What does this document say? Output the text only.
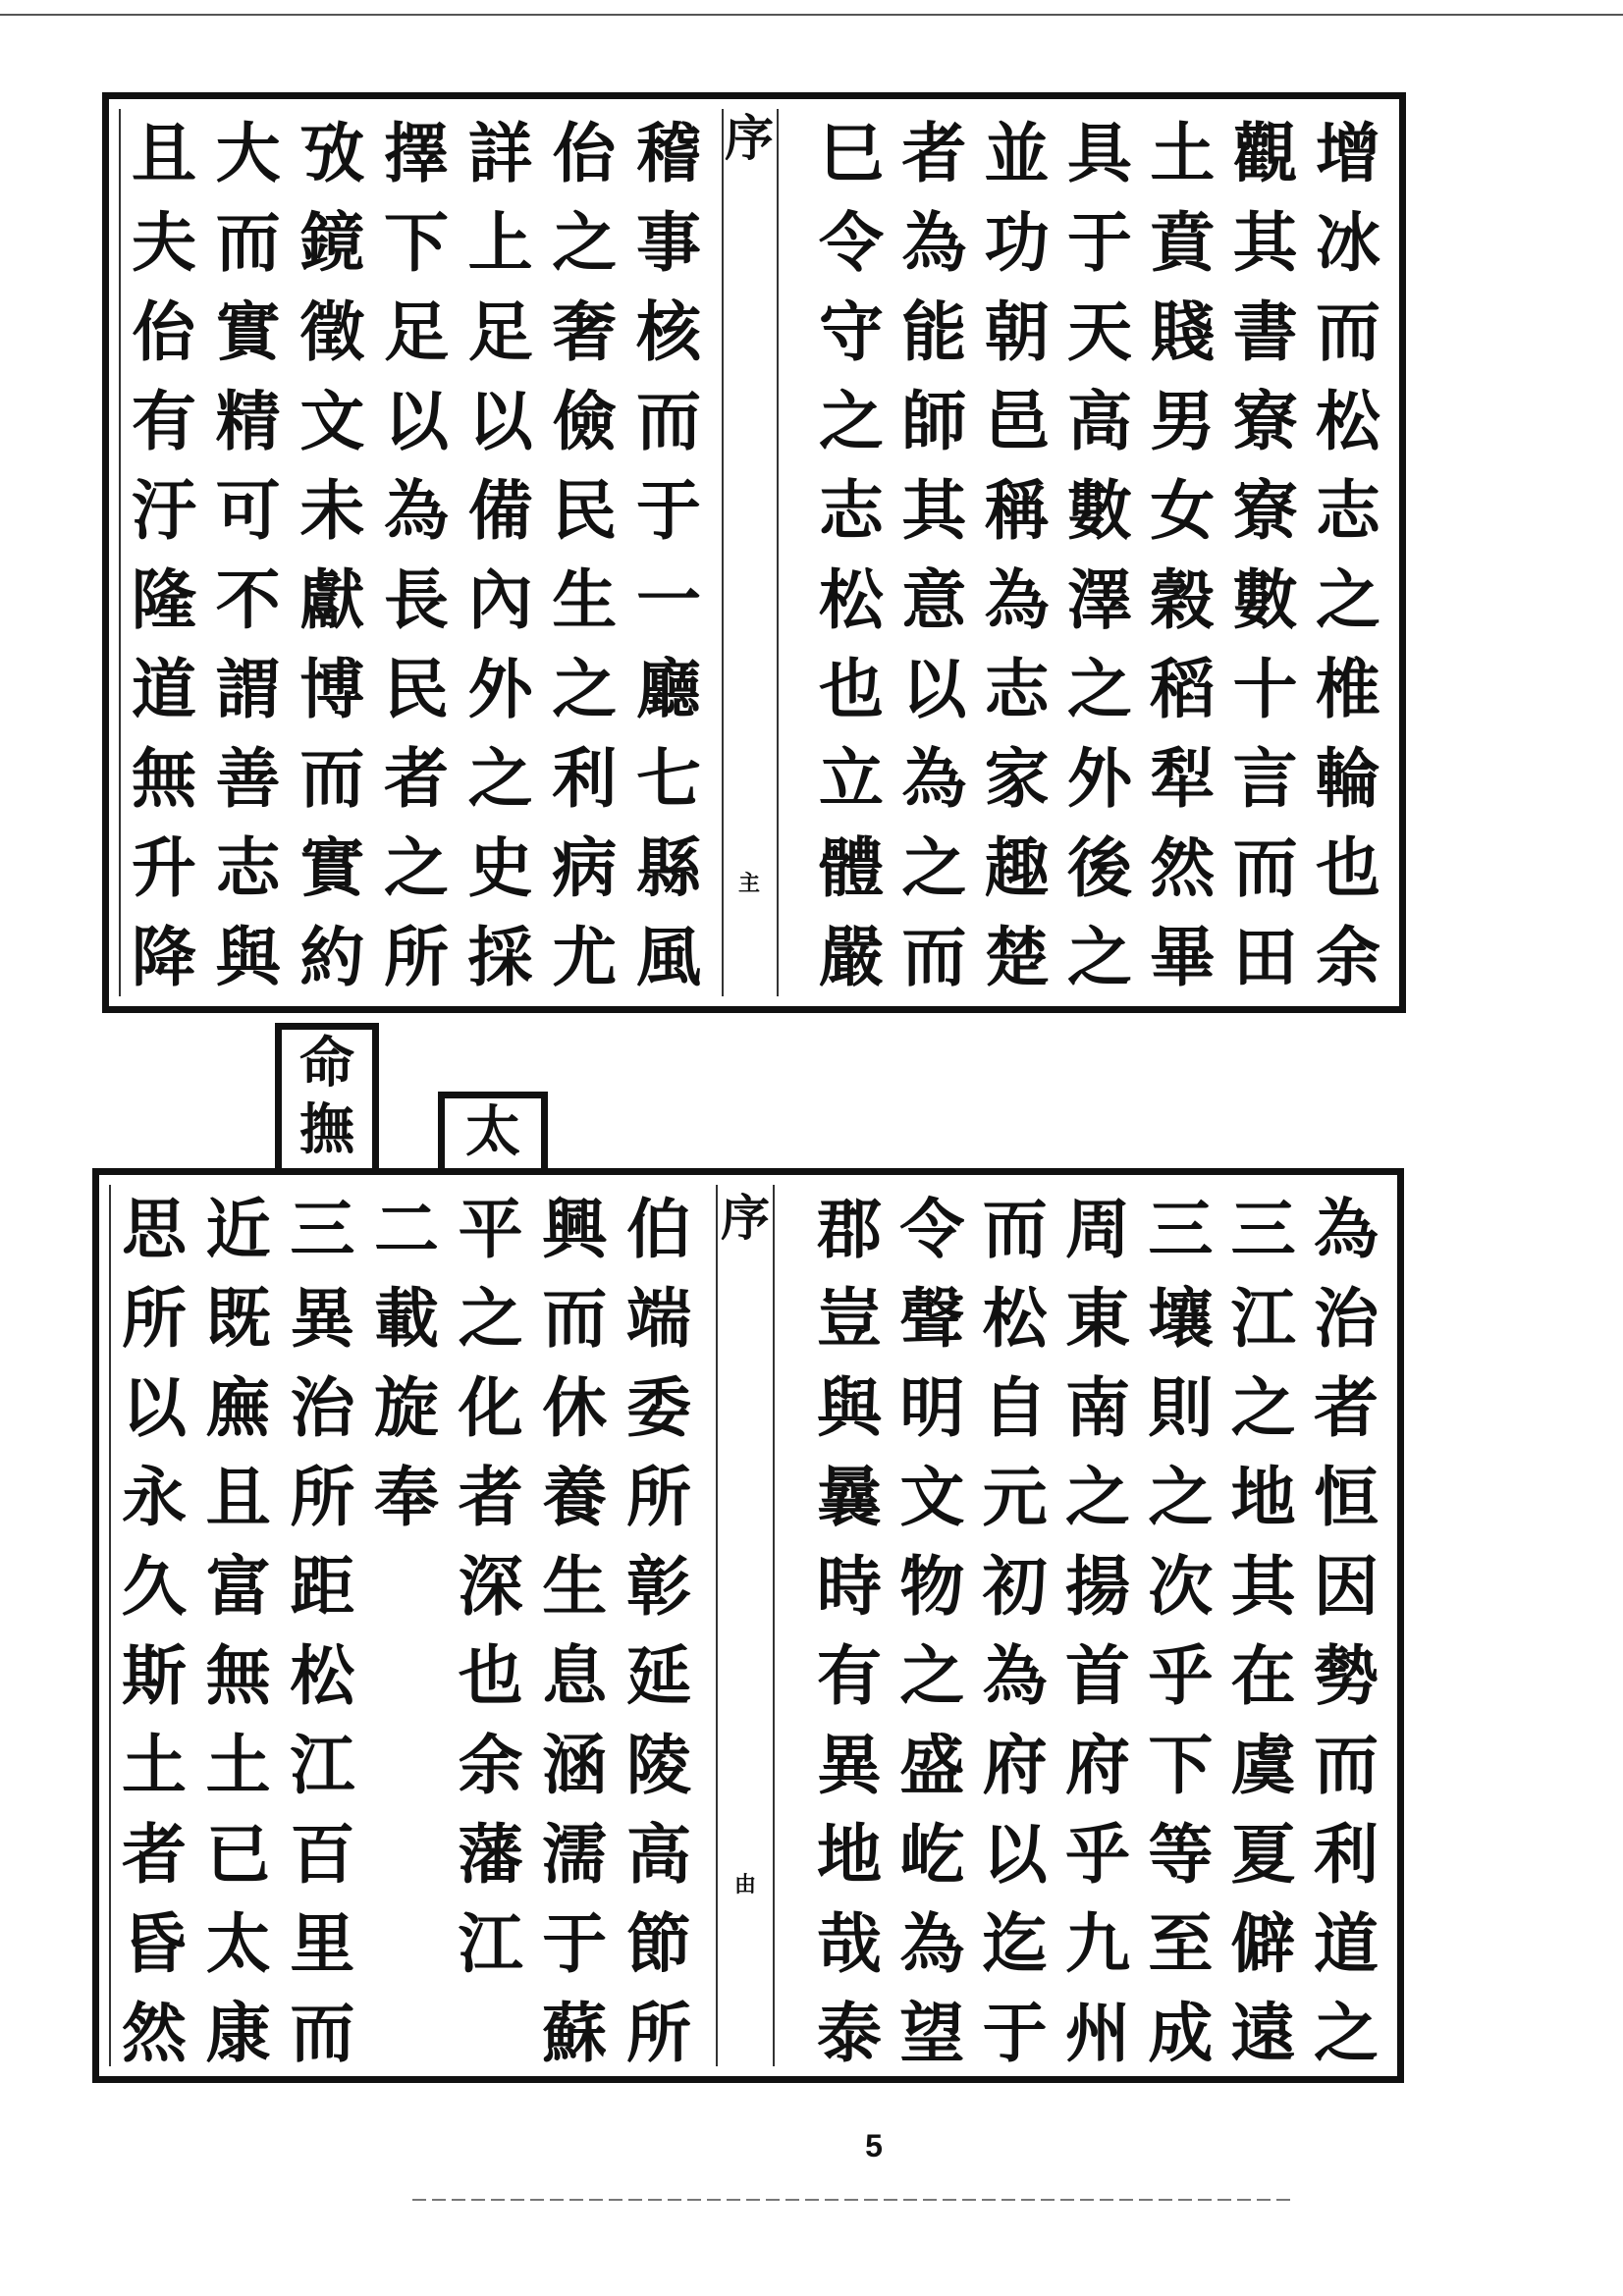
序
主
增
冰
而
松
志
之
椎
輪
也
余
觀
其
書
寮
寮
數
十
言
而
田
土
賁
賤
男
女
穀
稻
犁
然
畢
具
于
天
高
數
澤
之
外
後
之
並
功
朝
邑
稱
為
志
家
趣
楚
者
為
能
師
其
意
以
為
之
而
巳
令
守
之
志
松
也
立
體
嚴
稽
事
核
而
于
一
廳
七
縣
風
佁
之
奢
儉
民
生
之
利
病
尤
詳
上
足
以
備
內
外
之
史
採
擇
下
足
以
為
長
民
者
之
所
攷
鏡
徵
文
未
獻
博
而
實
約
大
而
實
精
可
不
謂
善
志
與
且
夫
佁
有
汙
隆
道
無
升
降
命
撫	太
序
由
為
治
者
恒
因
勢
而
利
道
之
三
江
之
地
其
在
虞
夏
僻
遠
三
壤
則
之
次
乎
下
等
至
成
周
東
南
之
揚
首
府
乎
九
州
而
松
自
元
初
為
府
以
迄
于
令
聲
明
文
物
之
盛
屹
為
望
郡
豈
與
曩
時
有
異
地
哉
泰
伯
端
委
所
彰
延
陵
高
節
所
興
而
休
養
生
息
涵
濡
于
蘇
平
之
化
者
深
也
余
藩
江
二
載
旋
奉
三
異
治
所
距
松
江
百
里
而
近
既
廡
且
富
無
土
已
太
康
思
所
以
永
久
斯
土
者
昏
然
5
